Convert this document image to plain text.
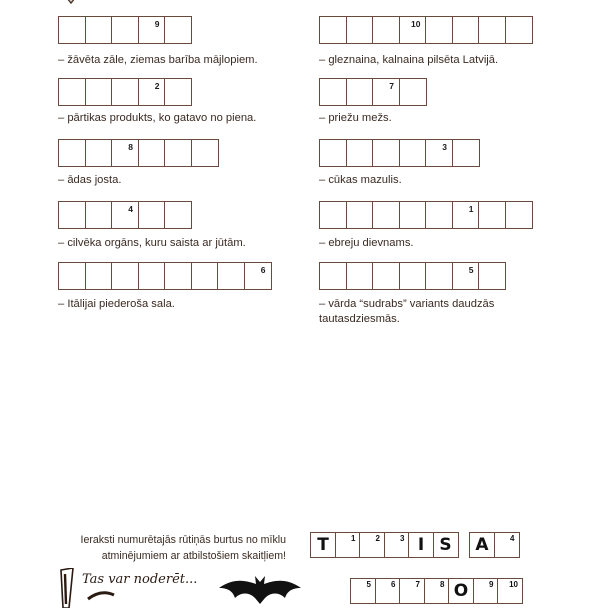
9
– žāvēta zāle, ziemas barība mājlopiem.
2
– pārtikas produkts, ko gatavo no piena.
8
– ādas josta.
4
– cilvēka orgāns, kuru saista ar jūtām.
6
– Itālijai piederoša sala.
10
– gleznaina, kalnaina pilsēta Latvijā.
7
– priežu mežs.
3
– cūkas mazulis.
1
– ebreju dievnams.
5
– vārda “sudrabs” variants daudzās tautasdziesmās.
Ieraksti numurētajās rūtiņās burtus no mīklu atminējumiem ar atbilstošiem skaitļiem!
T	1	2	3 I S A	4
5	6	7	8 O	9 10
Tas var noderēt...
